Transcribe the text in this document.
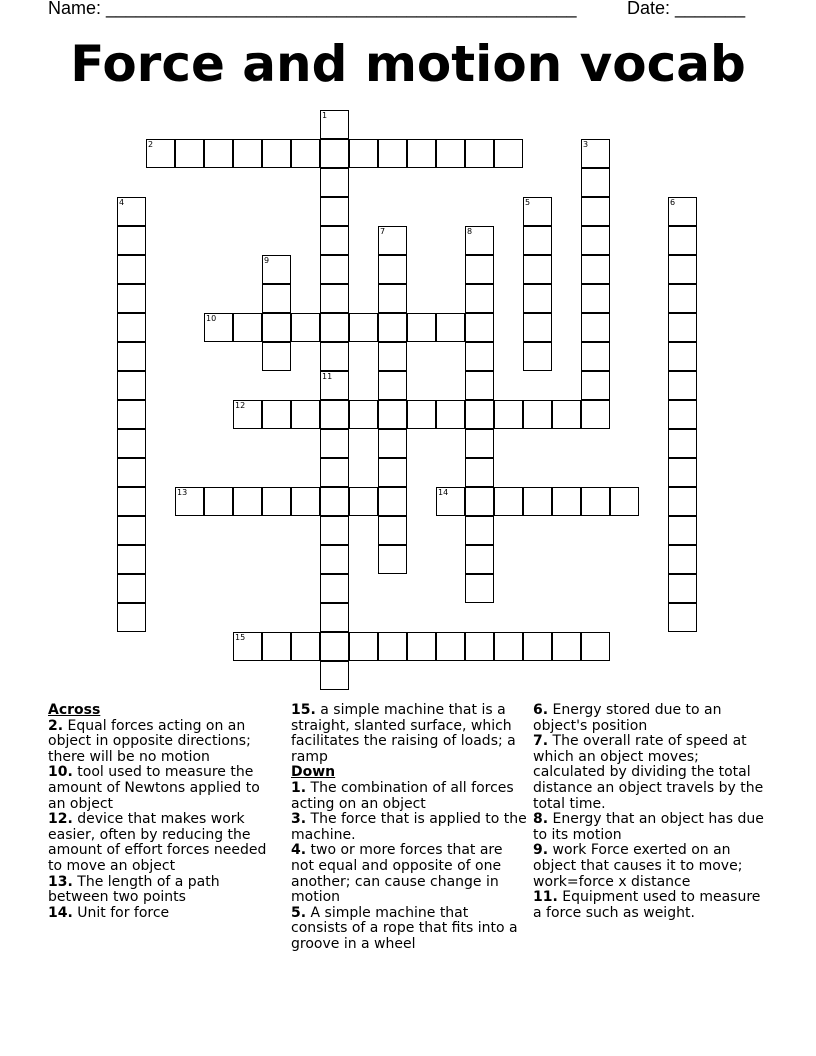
Name: _______________________________________________	Date: _______
Force and motion vocab
1
2	3
4	5	6
7	8
9
10
11
12
13	14
15
Across
2. Equal forces acting on an object in opposite directions; there will be no motion
10. tool used to measure the amount of Newtons applied to an object
12. device that makes work easier, often by reducing the amount of effort forces needed to move an object
13. The length of a path between two points
14. Unit for force
15. a simple machine that is a straight, slanted surface, which facilitates the raising of loads; a ramp
Down
1. The combination of all forces acting on an object
3. The force that is applied to the machine.
4. two or more forces that are not equal and opposite of one another; can cause change in motion
5. A simple machine that consists of a rope that fits into a groove in a wheel
6. Energy stored due to an object's position
7. The overall rate of speed at which an object moves; calculated by dividing the total distance an object travels by the total time.
8. Energy that an object has due to its motion
9. work Force exerted on an object that causes it to move; work=force x distance
11. Equipment used to measure a force such as weight.
